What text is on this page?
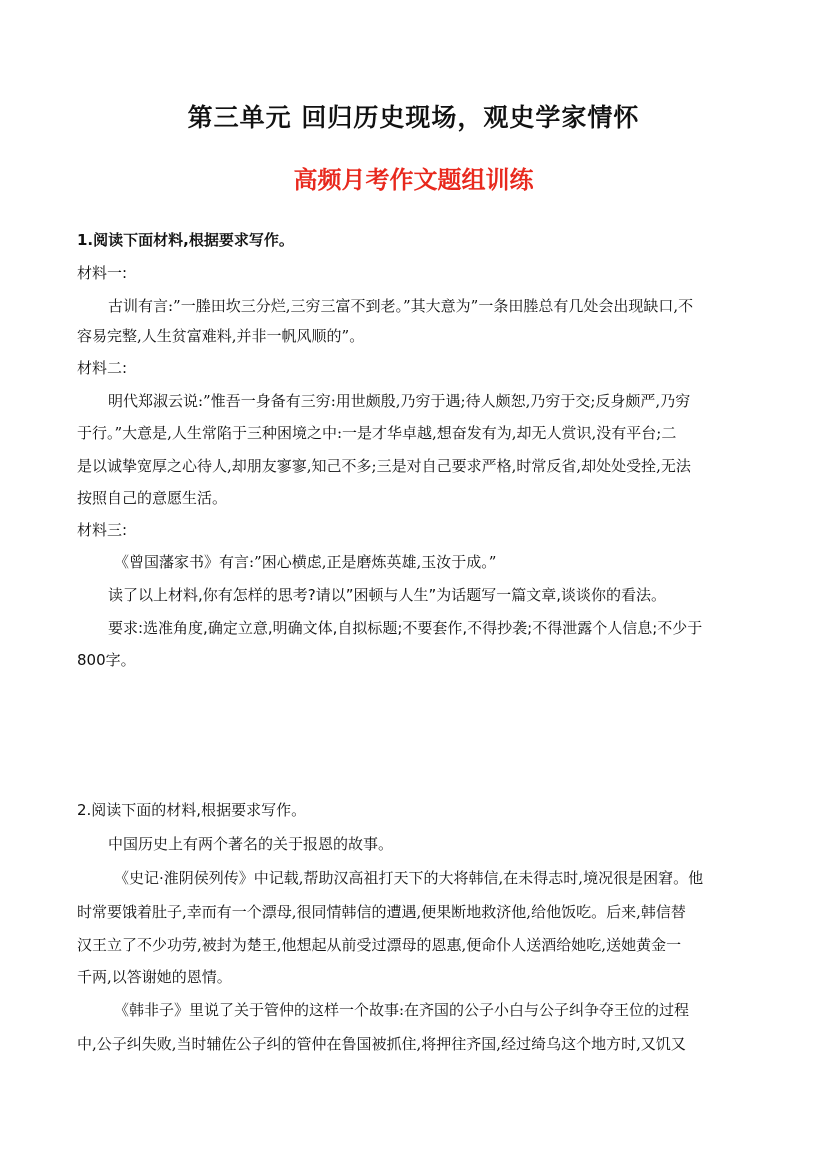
第三单元 回归历史现场，观史学家情怀
高频月考作文题组训练
1.阅读下面材料,根据要求写作。
材料一:
古训有言:”一塍田坎三分烂,三穷三富不到老。”其大意为”一条田塍总有几处会出现缺口,不
容易完整,人生贫富难料,并非一帆风顺的”。
材料二:
明代郑淑云说:”惟吾一身备有三穷:用世颇殷,乃穷于遇;待人颇恕,乃穷于交;反身颇严,乃穷
于行。”大意是,人生常陷于三种困境之中:一是才华卓越,想奋发有为,却无人赏识,没有平台;二
是以诚挚宽厚之心待人,却朋友寥寥,知己不多;三是对自己要求严格,时常反省,却处处受拴,无法
按照自己的意愿生活。
材料三:
《曾国藩家书》有言:”困心横虑,正是磨炼英雄,玉汝于成。”
读了以上材料,你有怎样的思考?请以”困顿与人生”为话题写一篇文章,谈谈你的看法。
要求:选准角度,确定立意,明确文体,自拟标题;不要套作,不得抄袭;不得泄露个人信息;不少于
800字。
2.阅读下面的材料,根据要求写作。
中国历史上有两个著名的关于报恩的故事。
《史记·淮阴侯列传》中记载,帮助汉高祖打天下的大将韩信,在未得志时,境况很是困窘。他
时常要饿着肚子,幸而有一个漂母,很同情韩信的遭遇,便果断地救济他,给他饭吃。后来,韩信替
汉王立了不少功劳,被封为楚王,他想起从前受过漂母的恩惠,便命仆人送酒给她吃,送她黄金一
千两,以答谢她的恩情。
《韩非子》里说了关于管仲的这样一个故事:在齐国的公子小白与公子纠争夺王位的过程
中,公子纠失败,当时辅佐公子纠的管仲在鲁国被抓住,将押往齐国,经过绮乌这个地方时,又饥又
